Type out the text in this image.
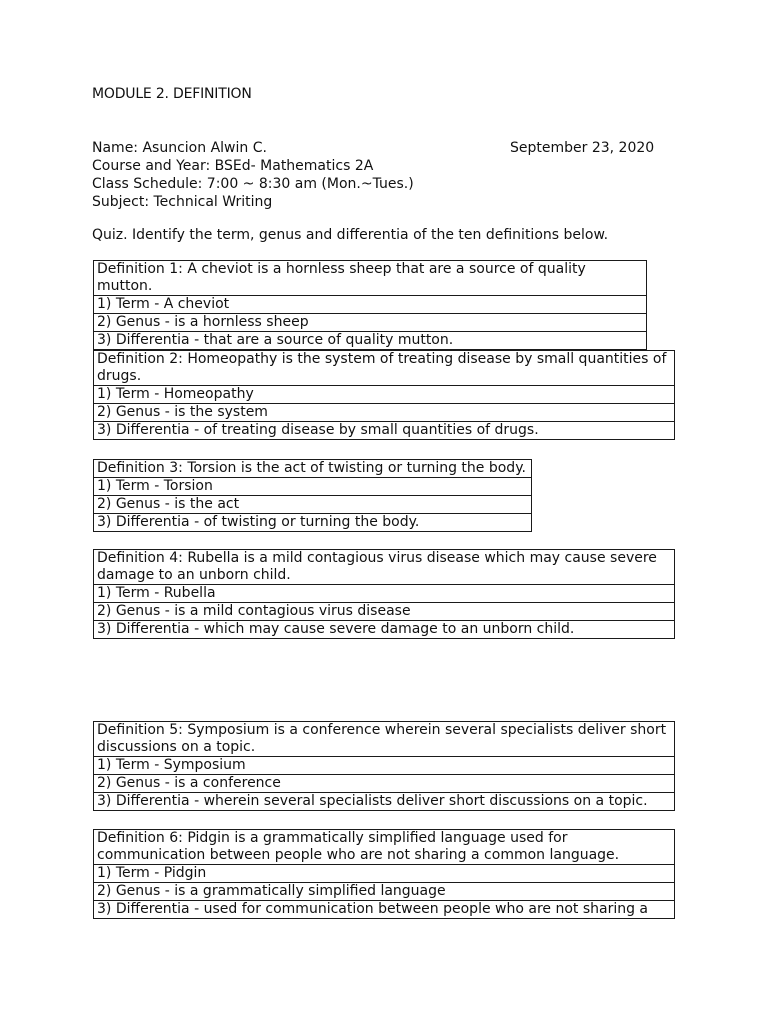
MODULE 2. DEFINITION
Name: Asuncion Alwin C.
Course and Year: BSEd- Mathematics 2A
Class Schedule: 7:00 ~ 8:30 am (Mon.~Tues.)
Subject: Technical Writing
September 23, 2020
Quiz. Identify the term, genus and differentia of the ten definitions below.
Definition 1: A cheviot is a hornless sheep that are a source of quality mutton.
1) Term - A cheviot
2) Genus - is a hornless sheep
3) Differentia - that are a source of quality mutton.
Definition 2: Homeopathy is the system of treating disease by small quantities of drugs.
1) Term - Homeopathy
2) Genus - is the system
3) Differentia - of treating disease by small quantities of drugs.
Definition 3: Torsion is the act of twisting or turning the body.
1) Term - Torsion
2) Genus - is the act
3) Differentia - of twisting or turning the body.
Definition 4: Rubella is a mild contagious virus disease which may cause severe damage to an unborn child.
1) Term - Rubella
2) Genus - is a mild contagious virus disease
3) Differentia - which may cause severe damage to an unborn child.
Definition 5: Symposium is a conference wherein several specialists deliver short discussions on a topic.
1) Term - Symposium
2) Genus - is a conference
3) Differentia - wherein several specialists deliver short discussions on a topic.
Definition 6: Pidgin is a grammatically simplified language used for communication between people who are not sharing a common language.
1) Term - Pidgin
2) Genus - is a grammatically simplified language
3) Differentia - used for communication between people who are not sharing a
